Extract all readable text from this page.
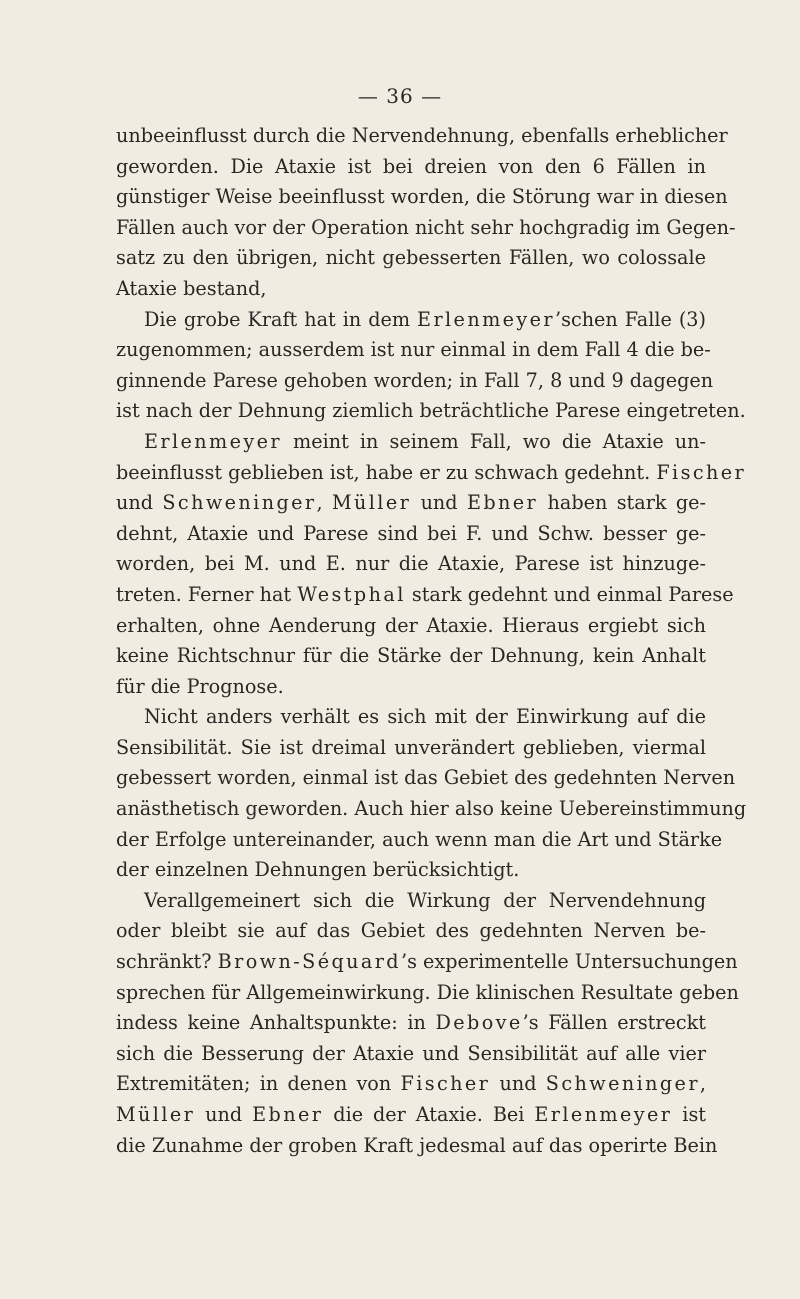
— 36 —
unbeeinflusst durch die Nervendehnung, ebenfalls erheblicher
geworden. Die Ataxie ist bei dreien von den 6 Fällen in
günstiger Weise beeinflusst worden, die Störung war in diesen
Fällen auch vor der Operation nicht sehr hochgradig im Gegen-
satz zu den übrigen, nicht gebesserten Fällen, wo colossale
Ataxie bestand,
Die grobe Kraft hat in dem Erlenmeyer’schen Falle (3)
zugenommen; ausserdem ist nur einmal in dem Fall 4 die be-
ginnende Parese gehoben worden; in Fall 7, 8 und 9 dagegen
ist nach der Dehnung ziemlich beträchtliche Parese eingetreten.
Erlenmeyer meint in seinem Fall, wo die Ataxie un-
beeinflusst geblieben ist, habe er zu schwach gedehnt. Fischer
und Schweninger, Müller und Ebner haben stark ge-
dehnt, Ataxie und Parese sind bei F. und Schw. besser ge-
worden, bei M. und E. nur die Ataxie, Parese ist hinzuge-
treten. Ferner hat Westphal stark gedehnt und einmal Parese
erhalten, ohne Aenderung der Ataxie. Hieraus ergiebt sich
keine Richtschnur für die Stärke der Dehnung, kein Anhalt
für die Prognose.
Nicht anders verhält es sich mit der Einwirkung auf die
Sensibilität. Sie ist dreimal unverändert geblieben, viermal
gebessert worden, einmal ist das Gebiet des gedehnten Nerven
anästhetisch geworden. Auch hier also keine Uebereinstimmung
der Erfolge untereinander, auch wenn man die Art und Stärke
der einzelnen Dehnungen berücksichtigt.
Verallgemeinert sich die Wirkung der Nervendehnung
oder bleibt sie auf das Gebiet des gedehnten Nerven be-
schränkt? Brown-Séquard’s experimentelle Untersuchungen
sprechen für Allgemeinwirkung. Die klinischen Resultate geben
indess keine Anhaltspunkte: in Debove’s Fällen erstreckt
sich die Besserung der Ataxie und Sensibilität auf alle vier
Extremitäten; in denen von Fischer und Schweninger,
Müller und Ebner die der Ataxie. Bei Erlenmeyer ist
die Zunahme der groben Kraft jedesmal auf das operirte Bein
